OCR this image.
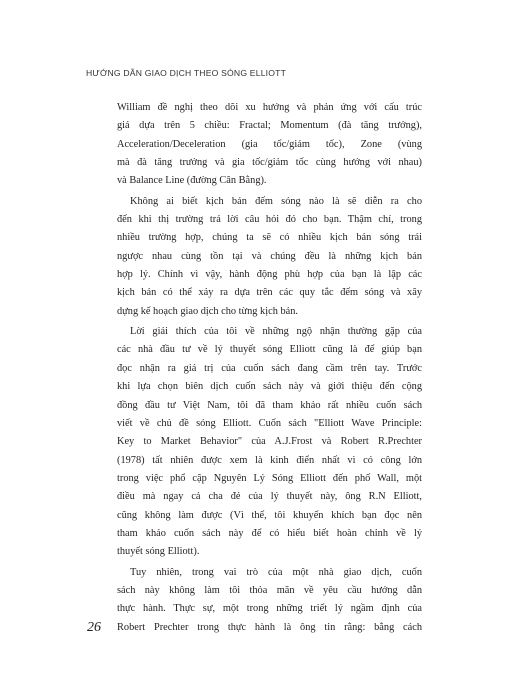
HƯỚNG DẪN GIAO DỊCH THEO SÓNG ELLIOTT
William đề nghị theo dõi xu hướng và phản ứng với cấu trúc
giá dựa trên 5 chiều: Fractal; Momentum (đà tăng trưởng),
Acceleration/Deceleration (gia tốc/giảm tốc), Zone (vùng
mà đà tăng trưởng và gia tốc/giảm tốc cùng hướng với nhau)
và Balance Line (đường Cân Bằng).
Không ai biết kịch bản đếm sóng nào là sẽ diễn ra cho
đến khi thị trường trả lời câu hỏi đó cho bạn. Thậm chí, trong
nhiều trường hợp, chúng ta sẽ có nhiều kịch bản sóng trái
ngược nhau cùng tồn tại và chúng đều là những kịch bản
hợp lý. Chính vì vậy, hành động phù hợp của bạn là lập các
kịch bản có thể xảy ra dựa trên các quy tắc đếm sóng và xây
dựng kế hoạch giao dịch cho từng kịch bản.
Lời giải thích của tôi về những ngộ nhận thường gặp của
các nhà đầu tư về lý thuyết sóng Elliott cũng là để giúp bạn
đọc nhận ra giá trị của cuốn sách đang cầm trên tay. Trước
khi lựa chọn biên dịch cuốn sách này và giới thiệu đến cộng
đồng đầu tư Việt Nam, tôi đã tham khảo rất nhiều cuốn sách
viết về chủ đề sóng Elliott. Cuốn sách "Elliott Wave Principle:
Key to Market Behavior" của A.J.Frost và Robert R.Prechter
(1978) tất nhiên được xem là kinh điển nhất vì có công lớn
trong việc phổ cập Nguyên Lý Sóng Elliott đến phố Wall, một
điều mà ngay cả cha đẻ của lý thuyết này, ông R.N Elliott,
cũng không làm được (Vì thế, tôi khuyến khích bạn đọc nên
tham khảo cuốn sách này để có hiểu biết hoàn chỉnh về lý
thuyết sóng Elliott).
Tuy nhiên, trong vai trò của một nhà giao dịch, cuốn
sách này không làm tôi thỏa mãn về yêu cầu hướng dẫn
thực hành. Thực sự, một trong những triết lý ngầm định của
Robert Prechter trong thực hành là ông tin rằng: bằng cách
26
